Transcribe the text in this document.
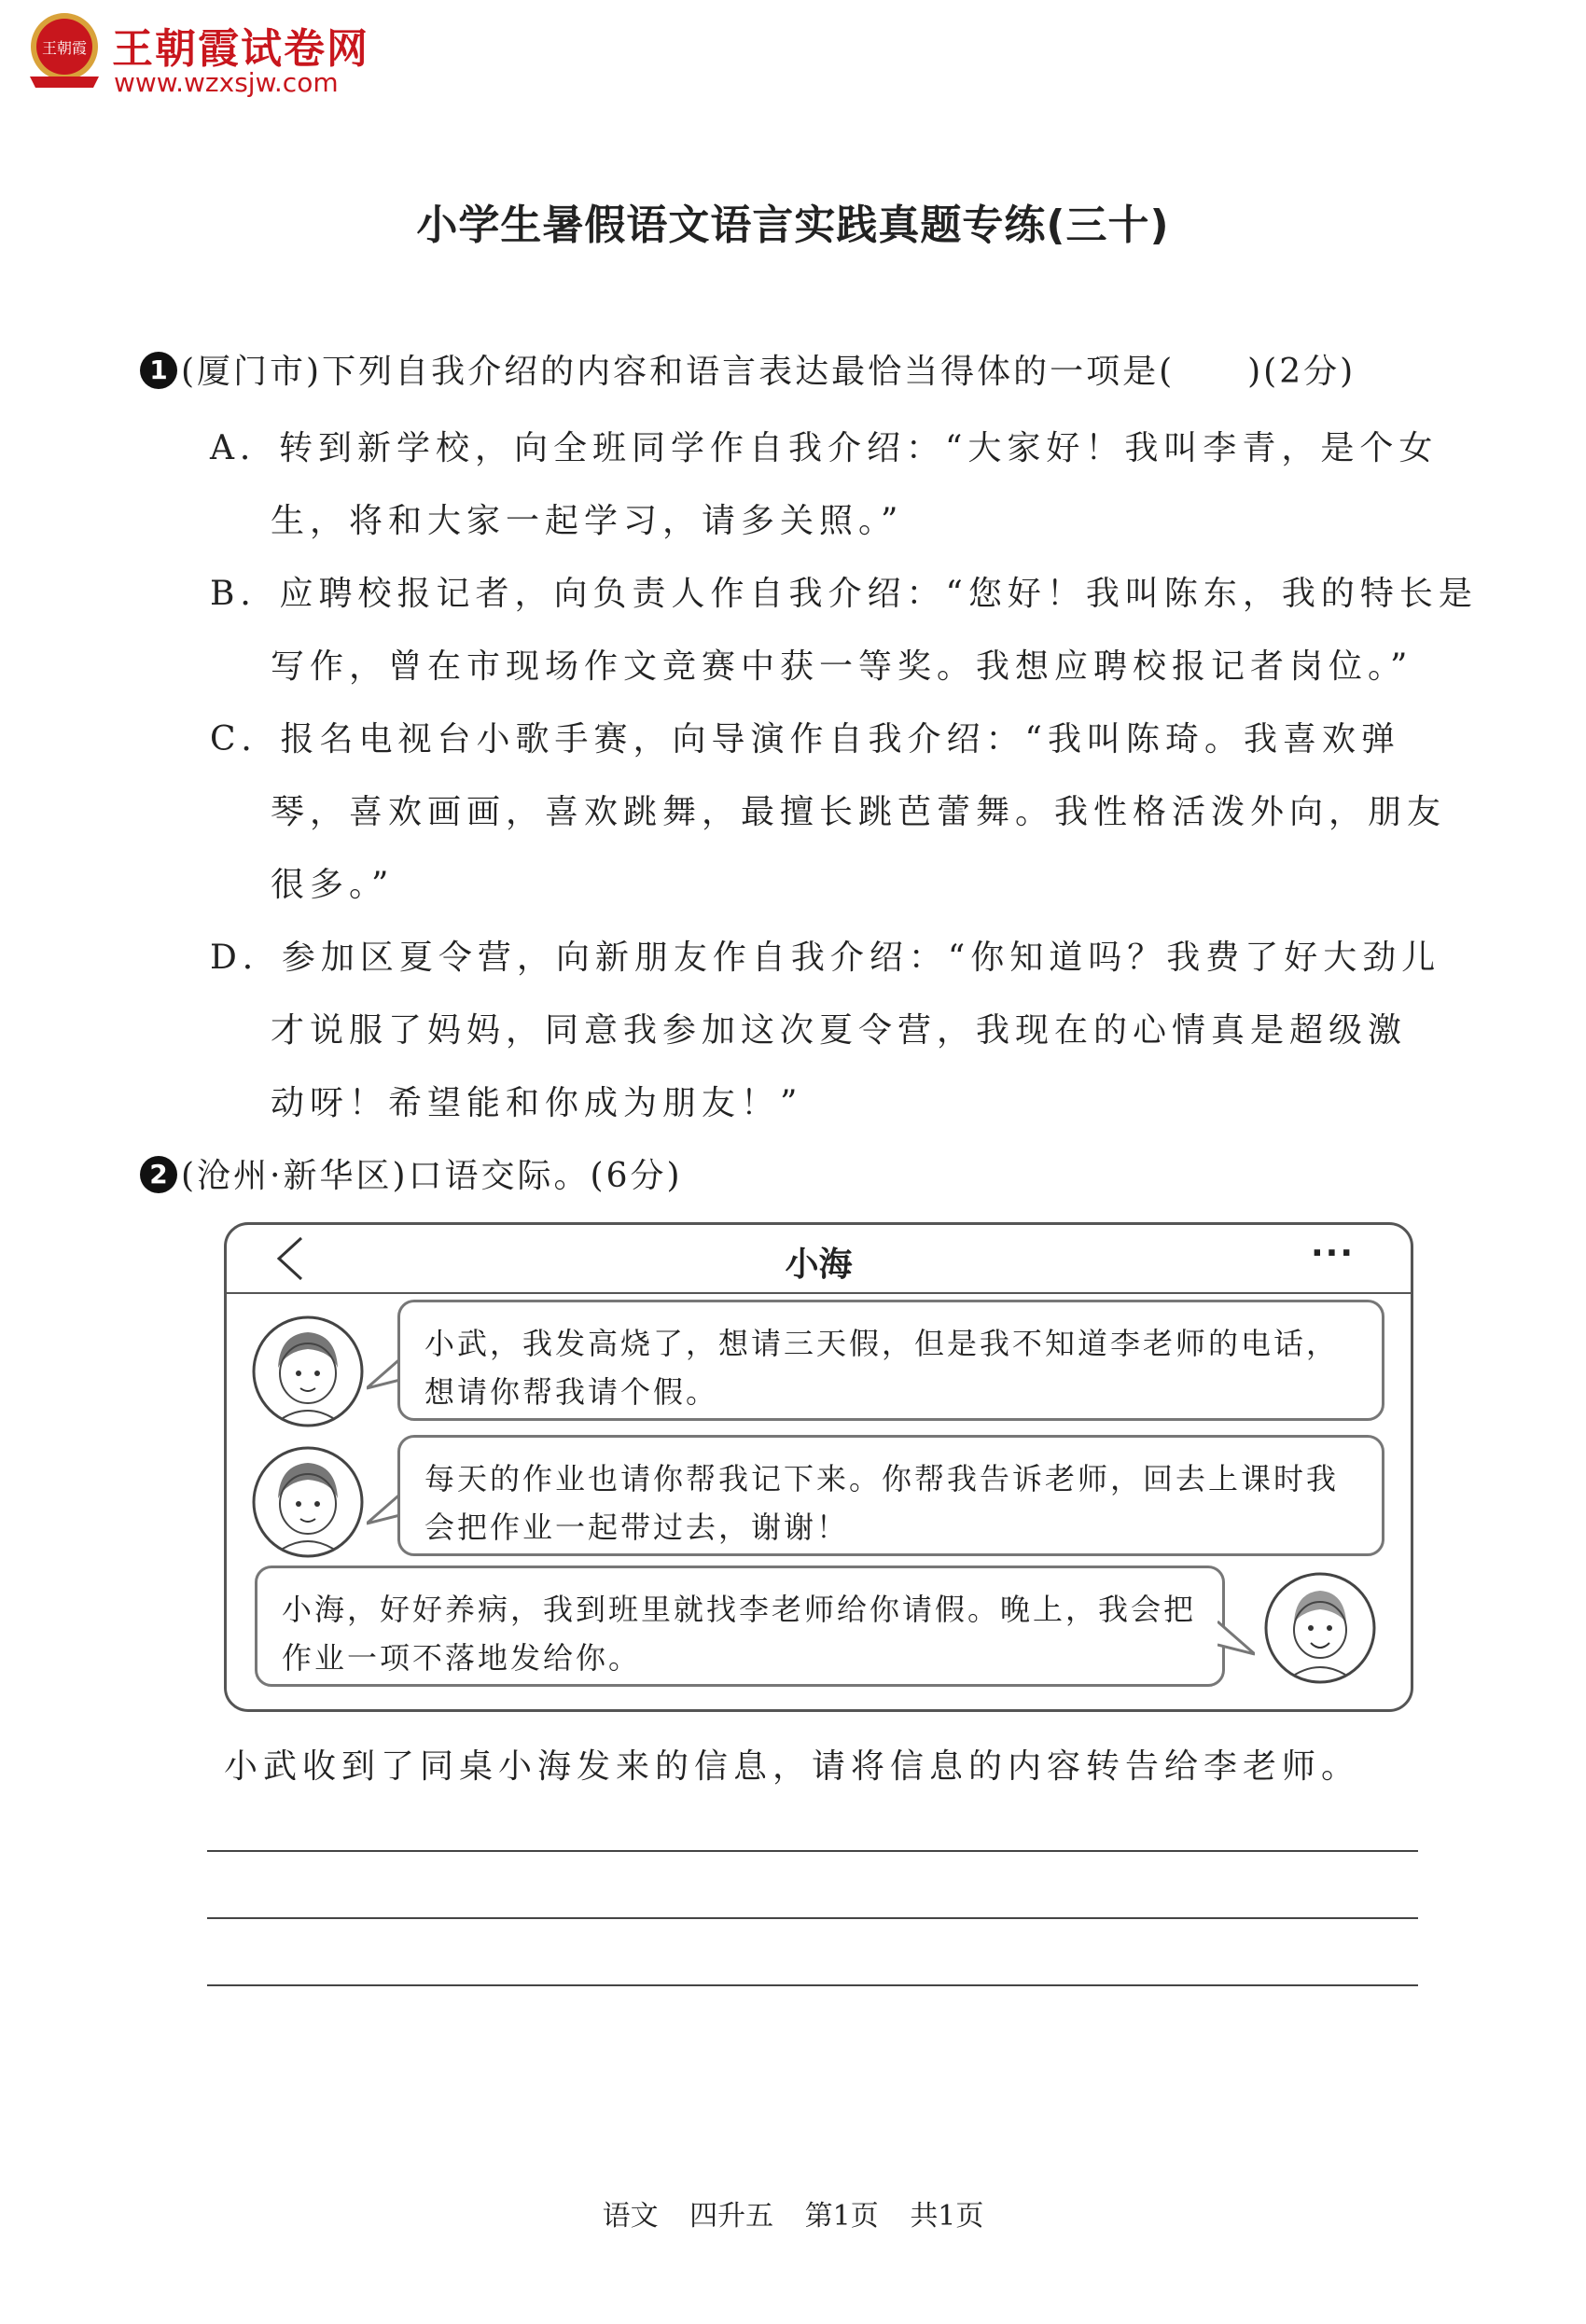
王朝霞 王朝霞试卷网
www.wzxsjw.com
小学生暑假语文语言实践真题专练(三十)
1 (厦门市)下列自我介绍的内容和语言表达最恰当得体的一项是(　　)(2分)
A．转到新学校，向全班同学作自我介绍：“大家好！我叫李青，是个女
生，将和大家一起学习，请多关照。”
B．应聘校报记者，向负责人作自我介绍：“您好！我叫陈东，我的特长是
写作，曾在市现场作文竞赛中获一等奖。我想应聘校报记者岗位。”
C．报名电视台小歌手赛，向导演作自我介绍：“我叫陈琦。我喜欢弹
琴，喜欢画画，喜欢跳舞，最擅长跳芭蕾舞。我性格活泼外向，朋友
很多。”
D．参加区夏令营，向新朋友作自我介绍：“你知道吗？我费了好大劲儿
才说服了妈妈，同意我参加这次夏令营，我现在的心情真是超级激
动呀！希望能和你成为朋友！”
2 (沧州·新华区)口语交际。(6分)
小海	···
小武，我发高烧了，想请三天假，但是我不知道李老师的电话，想请你帮我请个假。
每天的作业也请你帮我记下来。你帮我告诉老师，回去上课时我会把作业一起带过去，谢谢！
小海，好好养病，我到班里就找李老师给你请假。晚上，我会把作业一项不落地发给你。
小武收到了同桌小海发来的信息，请将信息的内容转告给李老师。
语文 四升五 第1页 共1页
